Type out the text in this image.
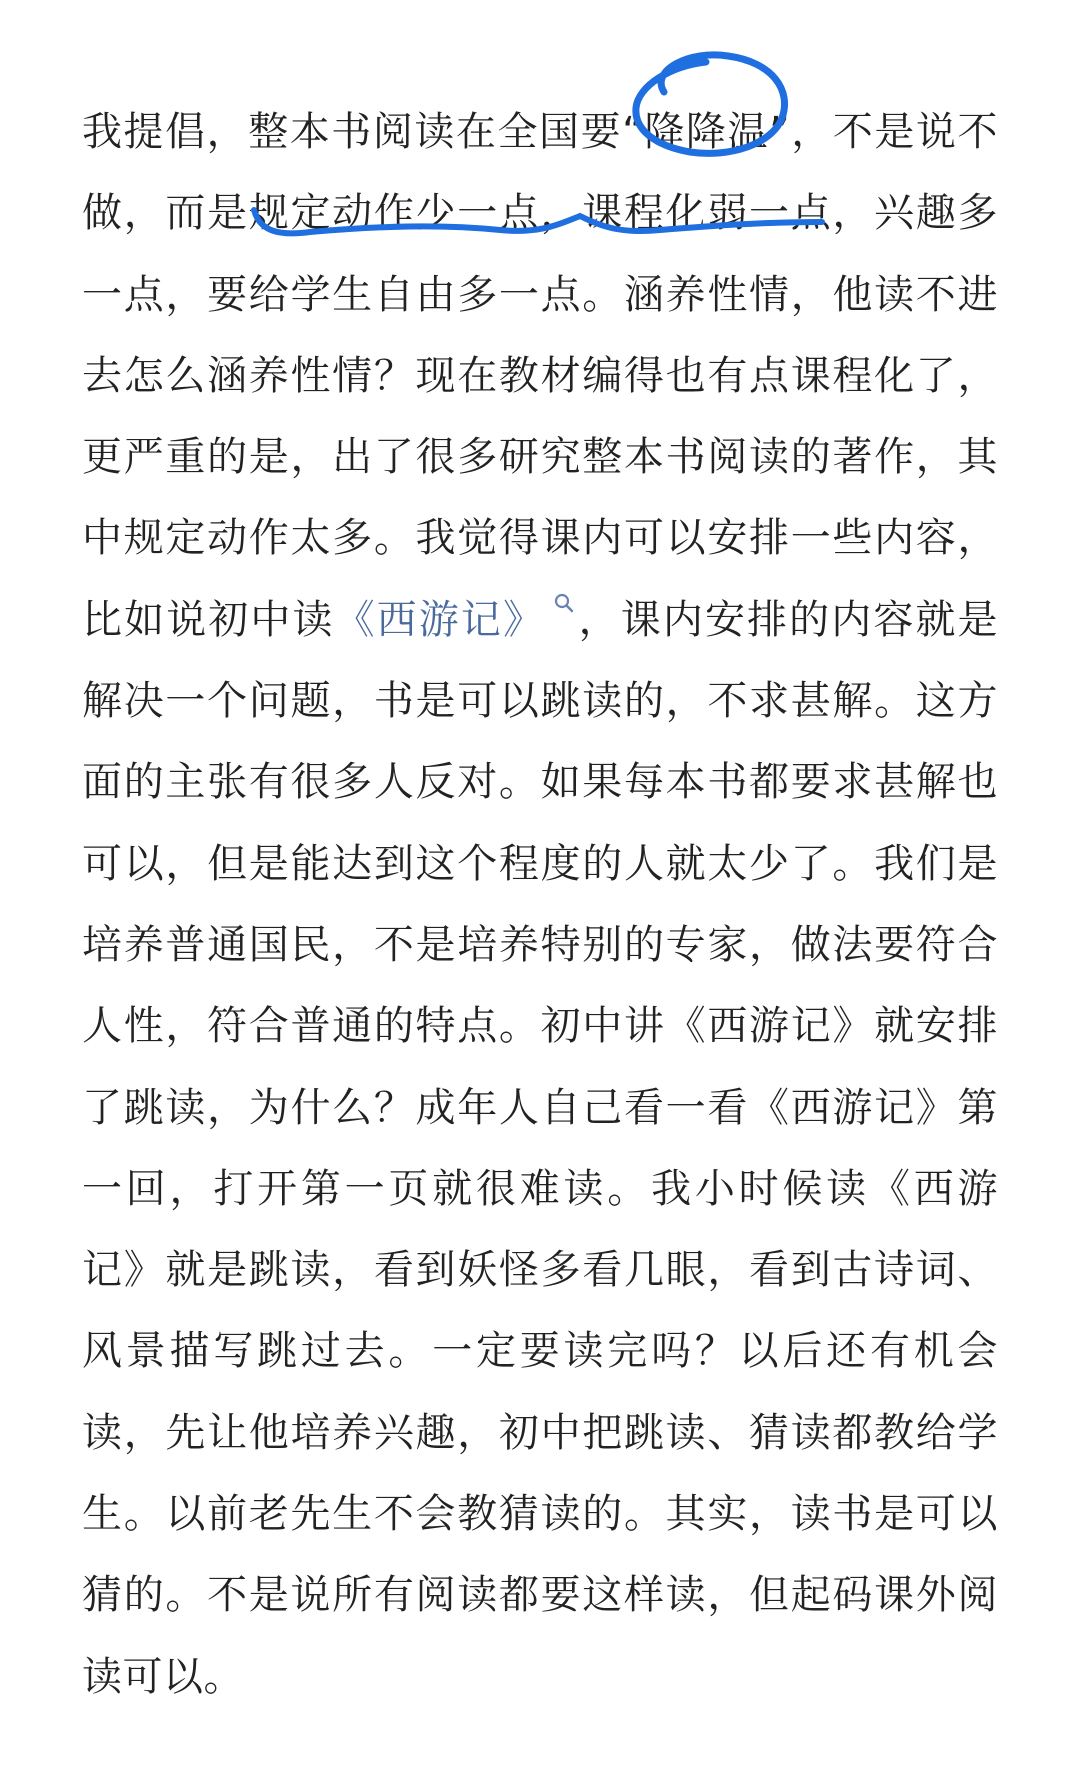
我提倡，整本书阅读在全国要“降降温”，不是说不
做，而是规定动作少一点，课程化弱一点，兴趣多
一点，要给学生自由多一点。涵养性情，他读不进
去怎么涵养性情？现在教材编得也有点课程化了，
更严重的是，出了很多研究整本书阅读的著作，其
中规定动作太多。我觉得课内可以安排一些内容，
比如说初中读《西游记》 ，课内安排的内容就是
解决一个问题，书是可以跳读的，不求甚解。这方
面的主张有很多人反对。如果每本书都要求甚解也
可以，但是能达到这个程度的人就太少了。我们是
培养普通国民，不是培养特别的专家，做法要符合
人性，符合普通的特点。初中讲《西游记》就安排
了跳读，为什么？成年人自己看一看《西游记》第
一回，打开第一页就很难读。我小时候读《西游
记》就是跳读，看到妖怪多看几眼，看到古诗词、
风景描写跳过去。一定要读完吗？以后还有机会
读，先让他培养兴趣，初中把跳读、猜读都教给学
生。以前老先生不会教猜读的。其实，读书是可以
猜的。不是说所有阅读都要这样读，但起码课外阅
读可以。
